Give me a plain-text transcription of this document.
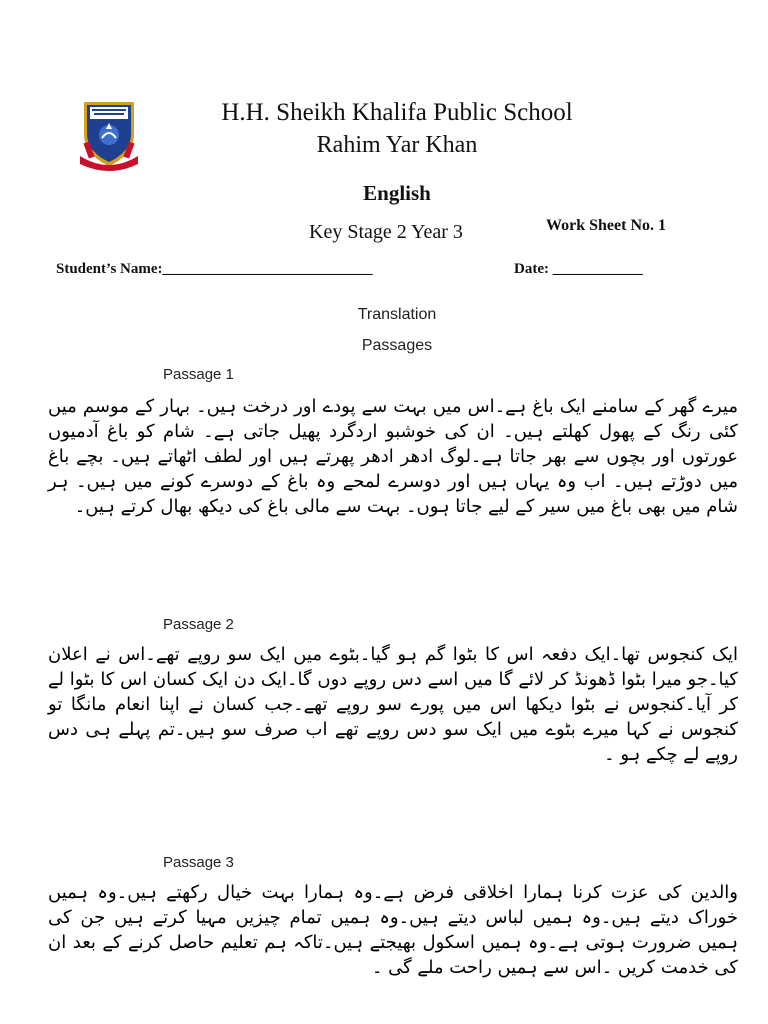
H.H. Sheikh Khalifa Public School
Rahim Yar Khan
English
Key Stage 2 Year 3	Work Sheet No. 1
Student’s Name:____________________________	Date: ____________
Translation
Passages
Passage 1
میرے گھر کے سامنے ایک باغ ہے۔اس میں بہت سے پودے اور درخت ہیں۔ بہار کے موسم میں کئی رنگ کے پھول کھلتے ہیں۔ ان کی خوشبو اردگرد پھیل جاتی ہے۔ شام کو باغ آدمیوں عورتوں اور بچوں سے بھر جاتا ہے۔لوگ ادھر ادھر پھرتے ہیں اور لطف اٹھاتے ہیں۔ بچے باغ میں دوڑتے ہیں۔ اب وہ یہاں ہیں اور دوسرے لمحے وہ باغ کے دوسرے کونے میں ہیں۔ ہر شام میں بھی باغ میں سیر کے لیے جاتا ہوں۔ بہت سے مالی باغ کی دیکھ بھال کرتے ہیں۔
Passage 2
ایک کنجوس تھا۔ایک دفعہ اس کا بٹوا گم ہو گیا۔بٹوے میں ایک سو روپے تھے۔اس نے اعلان کیا۔جو میرا بٹوا ڈھونڈ کر لائے گا میں اسے دس روپے دوں گا۔ایک دن ایک کسان اس کا بٹوا لے کر آیا۔کنجوس نے بٹوا دیکھا اس میں پورے سو روپے تھے۔جب کسان نے اپنا انعام مانگا تو کنجوس نے کہا میرے بٹوے میں ایک سو دس روپے تھے اب صرف سو ہیں۔تم پہلے ہی دس روپے لے چکے ہو ۔
Passage 3
والدین کی عزت کرنا ہمارا اخلاقی فرض ہے۔وہ ہمارا بہت خیال رکھتے ہیں۔وہ ہمیں خوراک دیتے ہیں۔وہ ہمیں لباس دیتے ہیں۔وہ ہمیں تمام چیزیں مہیا کرتے ہیں جن کی ہمیں ضرورت ہوتی ہے۔وہ ہمیں اسکول بھیجتے ہیں۔تاکہ ہم تعلیم حاصل کرنے کے بعد ان کی خدمت کریں ۔اس سے ہمیں راحت ملے گی ۔
